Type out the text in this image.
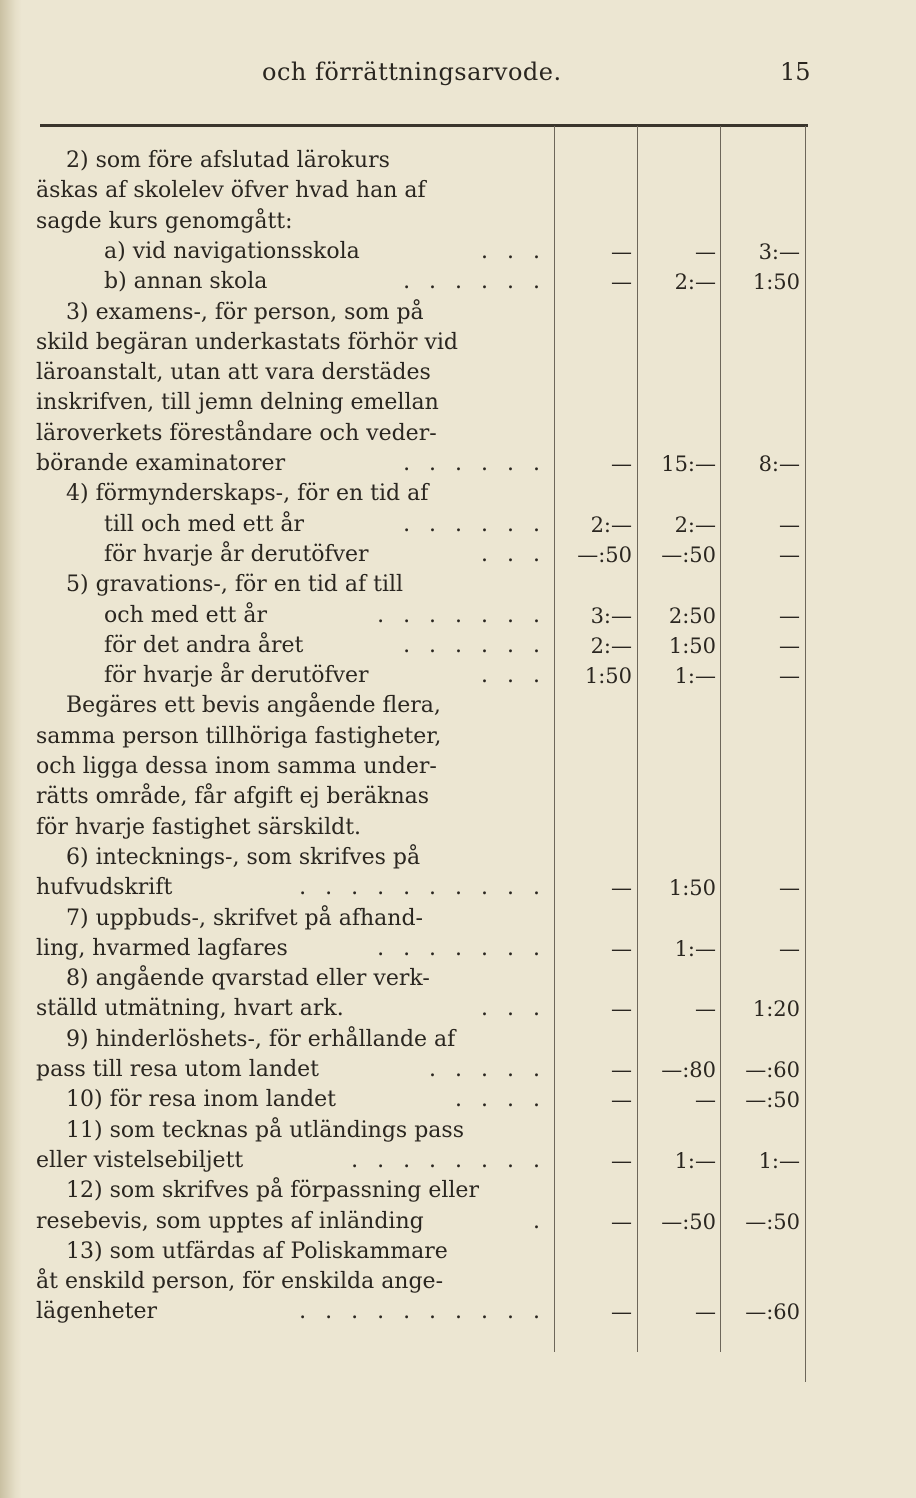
och förrättningsarvode.	15
2) som före afslutad lärokurs
äskas af skolelev öfver hvad han af
sagde kurs genomgått:
a) vid navigationsskola	. . .	—	—	3:—
b) annan skola	. . . . . .	—	2:—	1:50
3) examens-, för person, som på
skild begäran underkastats förhör vid
läroanstalt, utan att vara derstädes
inskrifven, till jemn delning emellan
läroverkets föreståndare och veder-
börande examinatorer	. . . . . .	—	15:—	8:—
4) förmynderskaps-, för en tid af
till och med ett år	. . . . . .	2:—	2:—	—
för hvarje år derutöfver	. . .	—:50	—:50	—
5) gravations-, för en tid af till
och med ett år	. . . . . . .	3:—	2:50	—
för det andra året	. . . . . .	2:—	1:50	—
för hvarje år derutöfver	. . .	1:50	1:—	—
Begäres ett bevis angående flera,
samma person tillhöriga fastigheter,
och ligga dessa inom samma under-
rätts område, får afgift ej beräknas
för hvarje fastighet särskildt.
6) intecknings-, som skrifves på
hufvudskrift	. . . . . . . . . .	—	1:50	—
7) uppbuds-, skrifvet på afhand-
ling, hvarmed lagfares	. . . . . . .	—	1:—	—
8) angående qvarstad eller verk-
ställd utmätning, hvart ark.	. . .	—	—	1:20
9) hinderlöshets-, för erhållande af
pass till resa utom landet	. . . . .	—	—:80	—:60
10) för resa inom landet	. . . .	—	—	—:50
11) som tecknas på utländings pass
eller vistelsebiljett	. . . . . . . .	—	1:—	1:—
12) som skrifves på förpassning eller
resebevis, som upptes af inländing	.	—	—:50	—:50
13) som utfärdas af Poliskammare
åt enskild person, för enskilda ange-
lägenheter	. . . . . . . . . .	—	—	—:60
